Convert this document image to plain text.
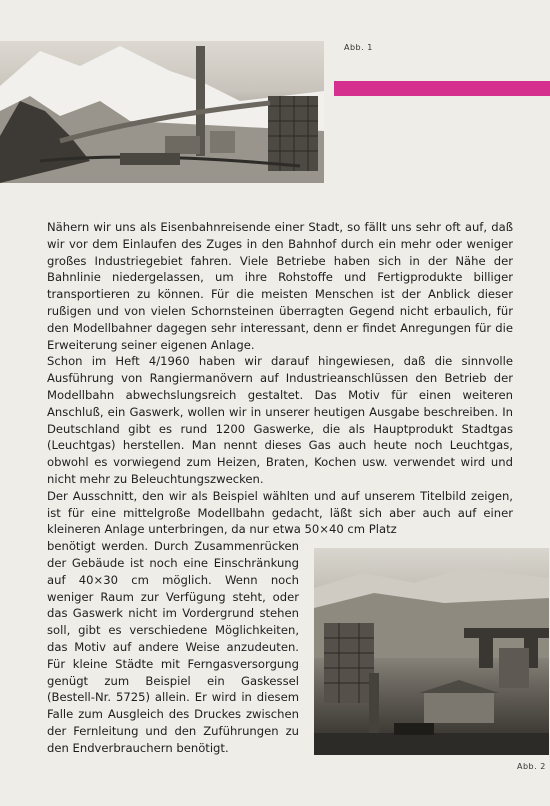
Abb. 1

Nähern wir uns als Eisenbahnreisende einer Stadt, so fällt uns sehr oft auf, daß wir vor dem Einlaufen des Zuges in den Bahnhof durch ein mehr oder weniger großes Industriegebiet fahren. Viele Betriebe haben sich in der Nähe der Bahnlinie niedergelassen, um ihre Rohstoffe und Fertigprodukte billiger transportieren zu können. Für die meisten Menschen ist der Anblick dieser rußigen und von vielen Schornsteinen überragten Gegend nicht erbaulich, für den Modellbahner dagegen sehr interessant, denn er findet Anregungen für die Erweiterung seiner eigenen Anlage.

Schon im Heft 4/1960 haben wir darauf hingewiesen, daß die sinnvolle Ausführung von Rangiermanövern auf Industrieanschlüssen den Betrieb der Modellbahn abwechslungsreich gestaltet. Das Motiv für einen weiteren Anschluß, ein Gaswerk, wollen wir in unserer heutigen Ausgabe beschreiben. In Deutschland gibt es rund 1200 Gaswerke, die als Hauptprodukt Stadtgas (Leuchtgas) herstellen. Man nennt dieses Gas auch heute noch Leuchtgas, obwohl es vorwiegend zum Heizen, Braten, Kochen usw. verwendet wird und nicht mehr zu Beleuchtungszwecken.

Der Ausschnitt, den wir als Beispiel wählten und auf unserem Titelbild zeigen, ist für eine mittelgroße Modellbahn gedacht, läßt sich aber auch auf einer kleineren Anlage unterbringen, da nur etwa 50×40 cm Platz

benötigt werden. Durch Zusammenrücken der Gebäude ist noch eine Einschränkung auf 40×30 cm möglich. Wenn noch weniger Raum zur Verfügung steht, oder das Gaswerk nicht im Vordergrund stehen soll, gibt es verschiedene Möglichkeiten, das Motiv auf andere Weise anzudeuten. Für kleine Städte mit Ferngasversorgung genügt zum Beispiel ein Gaskessel (Bestell-Nr. 5725) allein. Er wird in diesem Falle zum Ausgleich des Druckes zwischen der Fernleitung und den Zuführungen zu den Endverbrauchern benötigt.

Abb. 2
